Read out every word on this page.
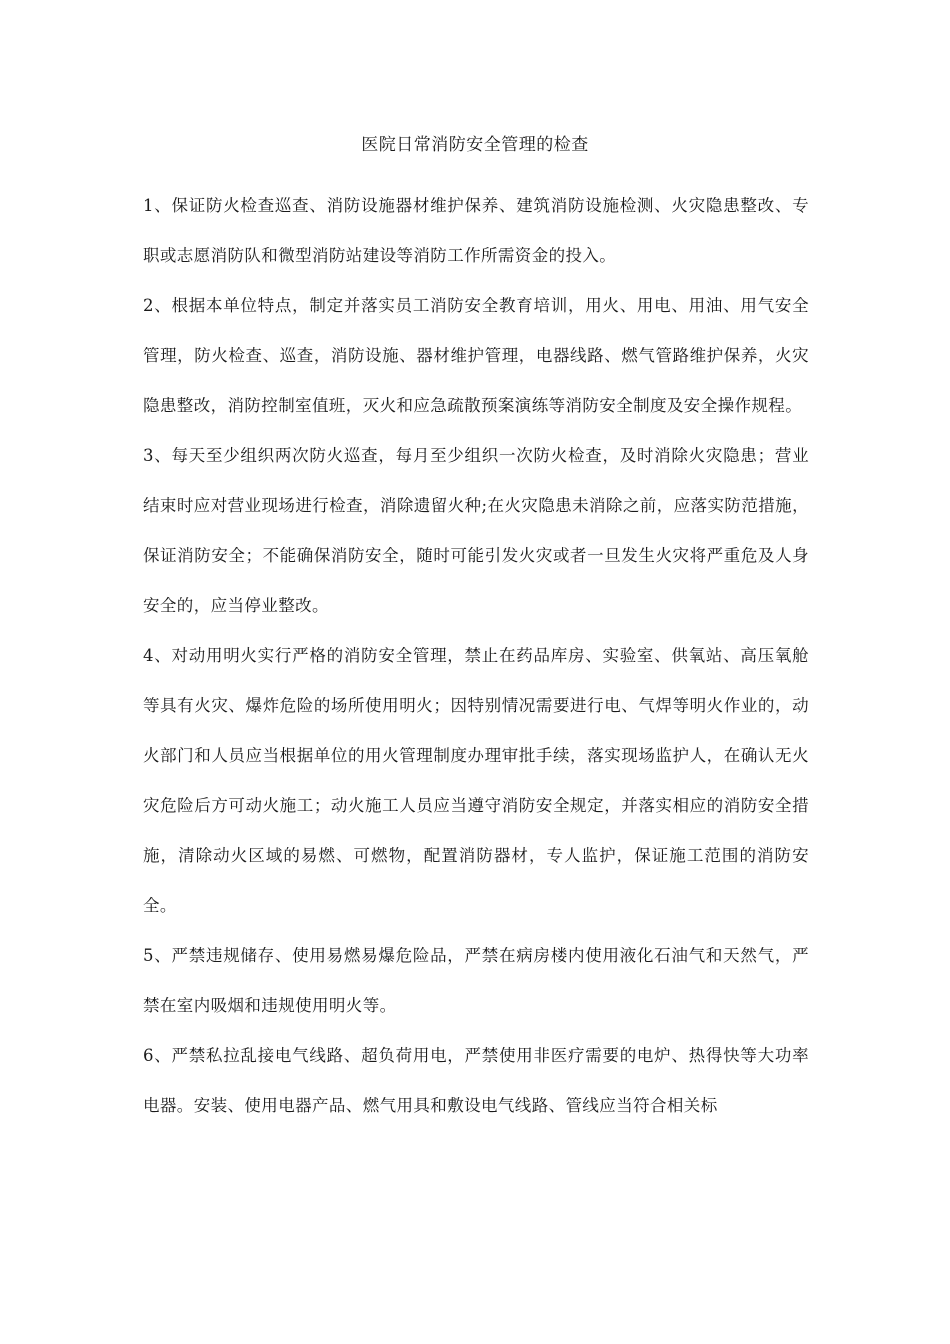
医院日常消防安全管理的检查

1、保证防火检查巡查、消防设施器材维护保养、建筑消防设施检测、火灾隐患整改、专职或志愿消防队和微型消防站建设等消防工作所需资金的投入。

2、根据本单位特点，制定并落实员工消防安全教育培训，用火、用电、用油、用气安全管理，防火检查、巡查，消防设施、器材维护管理，电器线路、燃气管路维护保养，火灾隐患整改，消防控制室值班，灭火和应急疏散预案演练等消防安全制度及安全操作规程。

3、每天至少组织两次防火巡查，每月至少组织一次防火检查，及时消除火灾隐患；营业结束时应对营业现场进行检查，消除遗留火种;在火灾隐患未消除之前，应落实防范措施，保证消防安全；不能确保消防安全，随时可能引发火灾或者一旦发生火灾将严重危及人身安全的，应当停业整改。

4、对动用明火实行严格的消防安全管理，禁止在药品库房、实验室、供氧站、高压氧舱等具有火灾、爆炸危险的场所使用明火；因特别情况需要进行电、气焊等明火作业的，动火部门和人员应当根据单位的用火管理制度办理审批手续，落实现场监护人，在确认无火灾危险后方可动火施工；动火施工人员应当遵守消防安全规定，并落实相应的消防安全措施，清除动火区域的易燃、可燃物，配置消防器材，专人监护，保证施工范围的消防安全。

5、严禁违规储存、使用易燃易爆危险品，严禁在病房楼内使用液化石油气和天然气，严禁在室内吸烟和违规使用明火等。

6、严禁私拉乱接电气线路、超负荷用电，严禁使用非医疗需要的电炉、热得快等大功率电器。安装、使用电器产品、燃气用具和敷设电气线路、管线应当符合相关标
